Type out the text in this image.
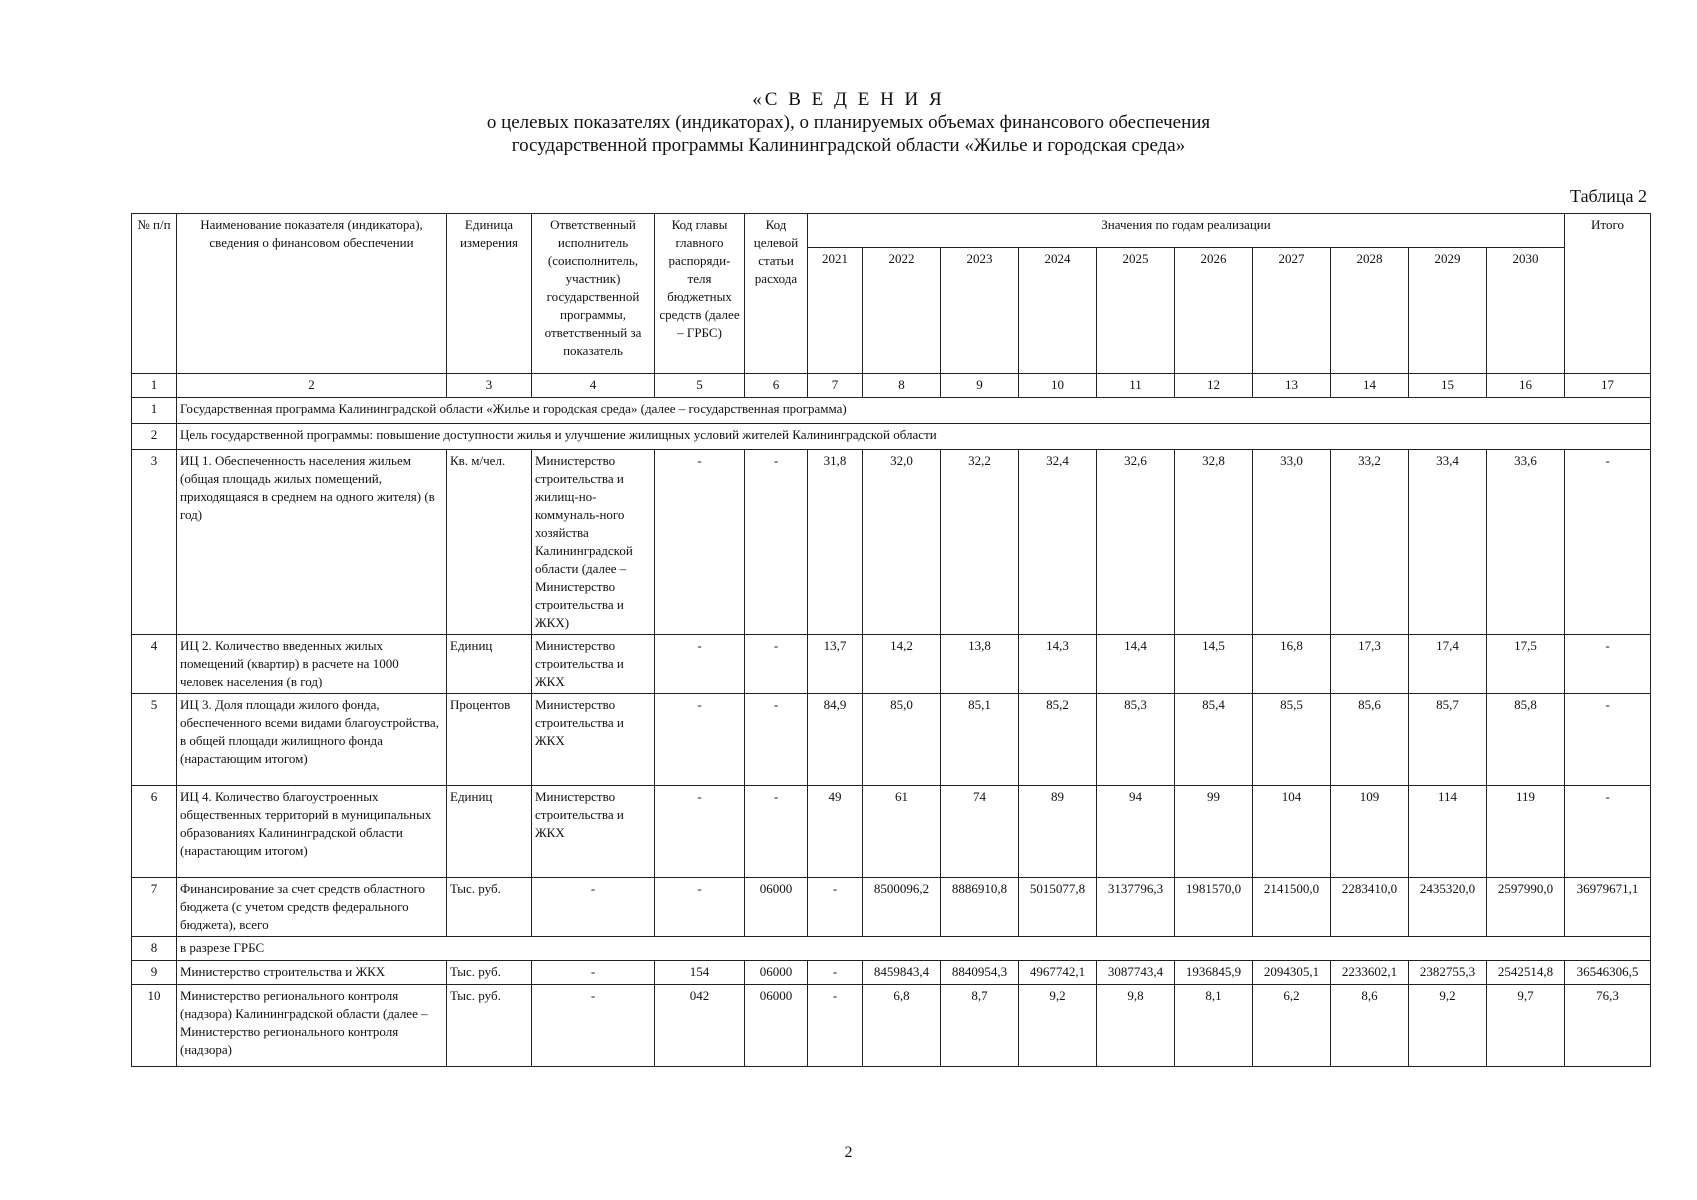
«С В Е Д Е Н И Я
о целевых показателях (индикаторах), о планируемых объемах финансового обеспечения
государственной программы Калининградской области «Жилье и городская среда»
Таблица 2
№ п/п	Наименование показателя (индикатора), сведения о финансовом обеспечении	Единица измерения	Ответственный исполнитель (соисполнитель, участник) государственной программы, ответственный за показатель	Код главы главного распоряди-теля бюджетных средств (далее – ГРБС)	Код целевой статьи расхода	Значения по годам реализации										Итого
						2021	2022	2023	2024	2025	2026	2027	2028	2029	2030	
1	2	3	4	5	6	7	8	9	10	11	12	13	14	15	16	17
1	Государственная программа Калининградской области «Жилье и городская среда» (далее – государственная программа)															
2	Цель государственной программы: повышение доступности жилья и улучшение жилищных условий жителей Калининградской области															
3	ИЦ 1. Обеспеченность населения жильем (общая площадь жилых помещений, приходящаяся в среднем на одного жителя) (в год)	Кв. м/чел.	Министерство строительства и жилищ-но-коммуналь-ного хозяйства Калининградской области (далее – Министерство строительства и ЖКХ)	-	-	31,8	32,0	32,2	32,4	32,6	32,8	33,0	33,2	33,4	33,6	-
4	ИЦ 2. Количество введенных жилых помещений (квартир) в расчете на 1000 человек населения (в год)	Единиц	Министерство строительства и ЖКХ	-	-	13,7	14,2	13,8	14,3	14,4	14,5	16,8	17,3	17,4	17,5	-
5	ИЦ 3. Доля площади жилого фонда, обеспеченного всеми видами благоустройства, в общей площади жилищного фонда (нарастающим итогом)	Процентов	Министерство строительства и ЖКХ	-	-	84,9	85,0	85,1	85,2	85,3	85,4	85,5	85,6	85,7	85,8	-
6	ИЦ 4. Количество благоустроенных общественных территорий в муниципальных образованиях Калининградской области (нарастающим итогом)	Единиц	Министерство строительства и ЖКХ	-	-	49	61	74	89	94	99	104	109	114	119	-
7	Финансирование за счет средств областного бюджета (с учетом средств федерального бюджета), всего	Тыс. руб.	-	-	06000	-	8500096,2	8886910,8	5015077,8	3137796,3	1981570,0	2141500,0	2283410,0	2435320,0	2597990,0	36979671,1
8	в разрезе ГРБС															
9	Министерство строительства и ЖКХ	Тыс. руб.	-	154	06000	-	8459843,4	8840954,3	4967742,1	3087743,4	1936845,9	2094305,1	2233602,1	2382755,3	2542514,8	36546306,5
10	Министерство регионального контроля (надзора) Калининградской области (далее – Министерство регионального контроля (надзора)	Тыс. руб.	-	042	06000	-	6,8	8,7	9,2	9,8	8,1	6,2	8,6	9,2	9,7	76,3
2
